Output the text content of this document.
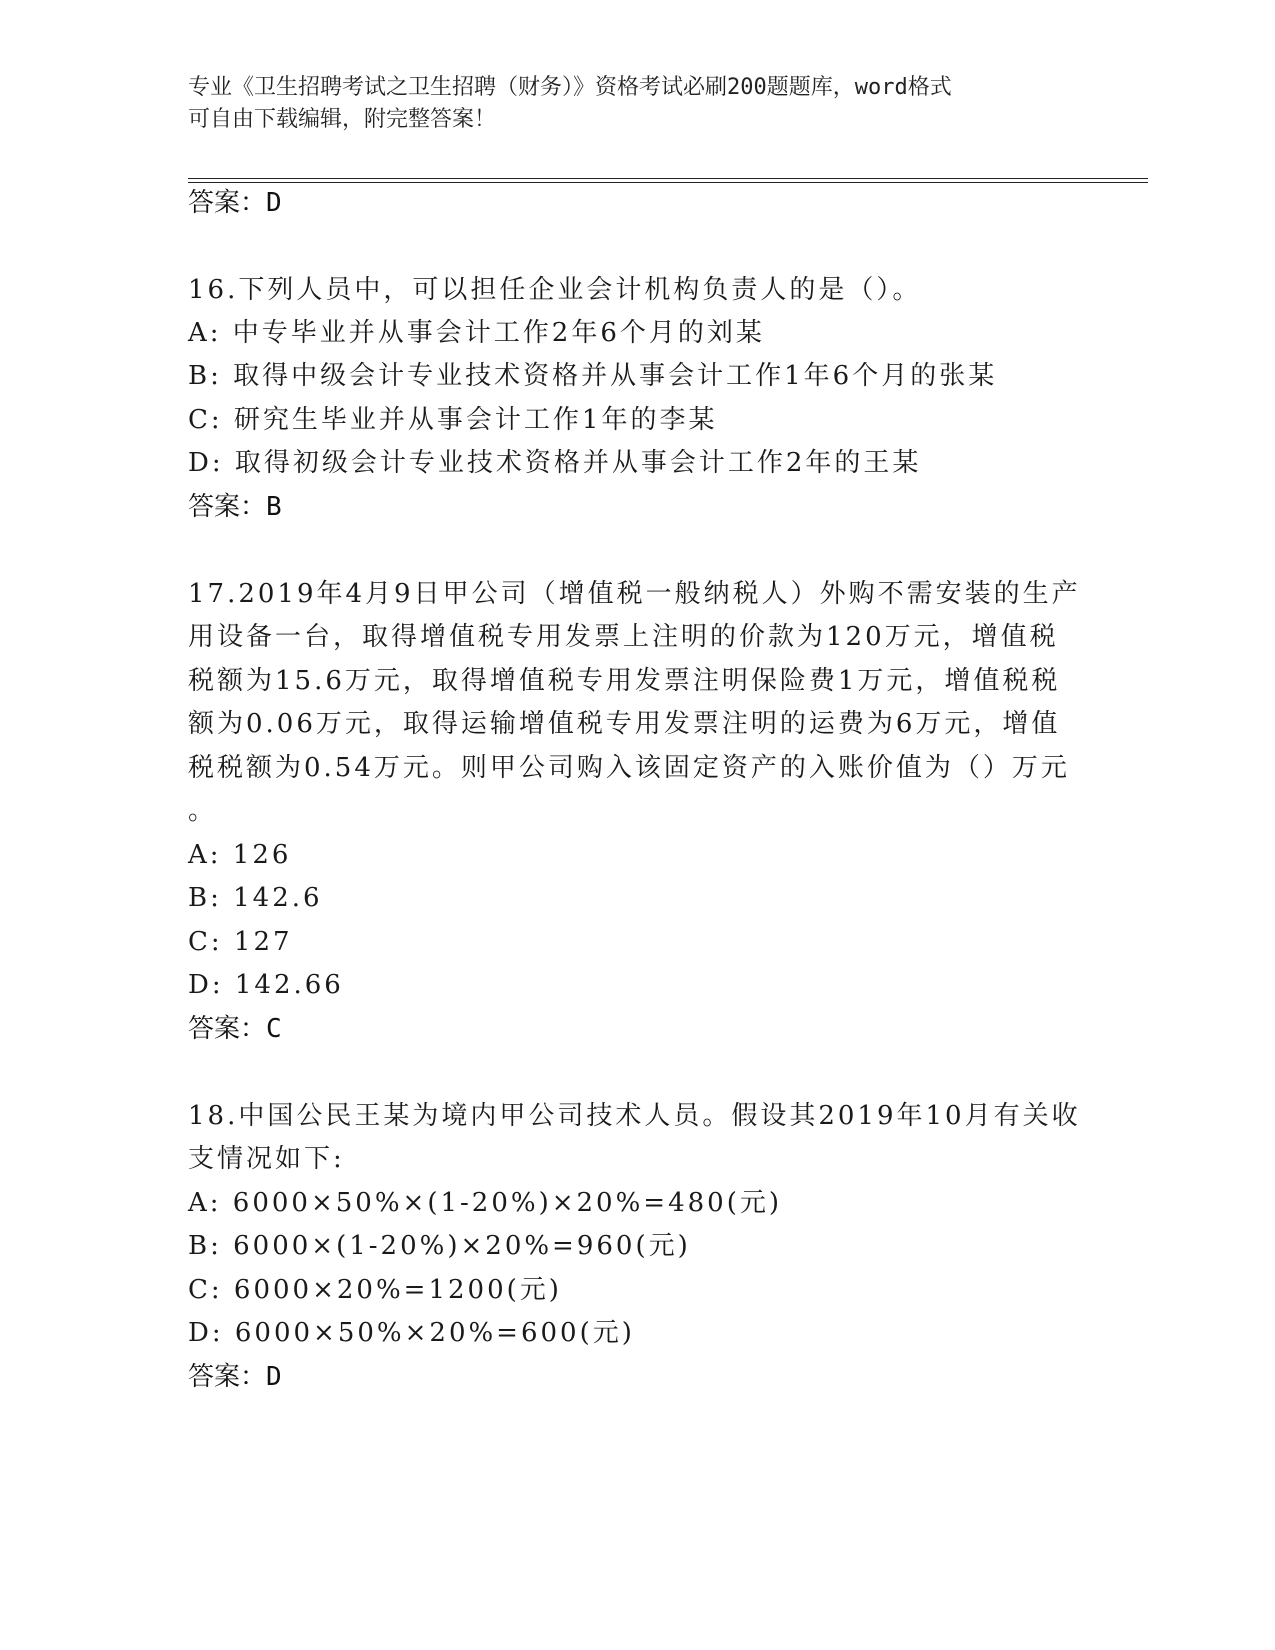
专业《卫生招聘考试之卫生招聘（财务）》资格考试必刷200题题库，word格式
可自由下载编辑，附完整答案！
答案：D
16.下列人员中，可以担任企业会计机构负责人的是（）。
A: 中专毕业并从事会计工作2年6个月的刘某
B: 取得中级会计专业技术资格并从事会计工作1年6个月的张某
C: 研究生毕业并从事会计工作1年的李某
D: 取得初级会计专业技术资格并从事会计工作2年的王某
答案：B
17.2019年4月9日甲公司（增值税一般纳税人）外购不需安装的生产
用设备一台，取得增值税专用发票上注明的价款为120万元，增值税
税额为15.6万元，取得增值税专用发票注明保险费1万元，增值税税
额为0.06万元，取得运输增值税专用发票注明的运费为6万元，增值
税税额为0.54万元。则甲公司购入该固定资产的入账价值为（）万元
。
A: 126
B: 142.6
C: 127
D: 142.66
答案：C
18.中国公民王某为境内甲公司技术人员。假设其2019年10月有关收
支情况如下:
A: 6000×50%×(1-20%)×20%=480(元)
B: 6000×(1-20%)×20%=960(元)
C: 6000×20%=1200(元)
D: 6000×50%×20%=600(元)
答案：D
